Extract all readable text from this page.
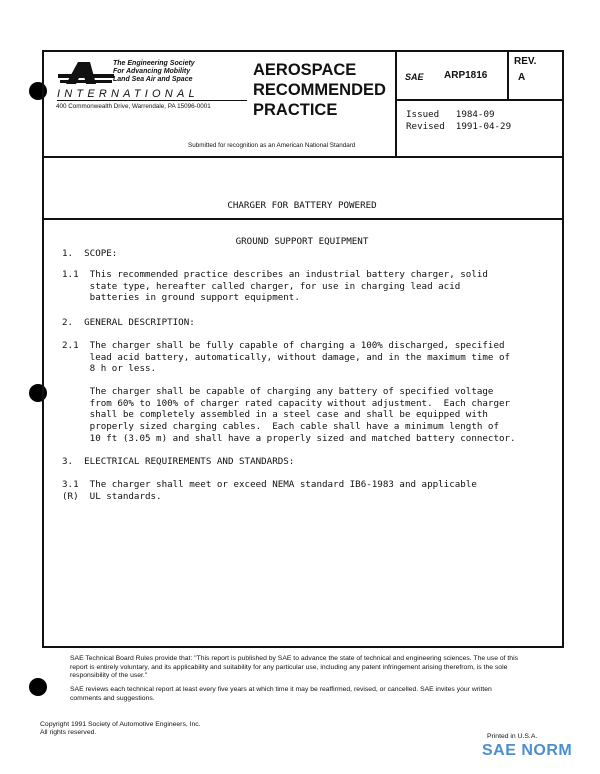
The Engineering Society
For Advancing Mobility
Land Sea Air and Space
INTERNATIONAL
400 Commonwealth Drive, Warrendale, PA 15096-0001
AEROSPACE
RECOMMENDED
PRACTICE
Submitted for recognition as an American National Standard
SAE ARP1816
REV.
A
Issued   1984-09
Revised  1991-04-29

CHARGER FOR BATTERY POWERED

GROUND SUPPORT EQUIPMENT

1.  SCOPE:
1.1  This recommended practice describes an industrial battery charger, solid
state type, hereafter called charger, for use in charging lead acid
batteries in ground support equipment.
2.  GENERAL DESCRIPTION:
2.1  The charger shall be fully capable of charging a 100% discharged, specified
lead acid battery, automatically, without damage, and in the maximum time of
8 h or less.
The charger shall be capable of charging any battery of specified voltage
from 60% to 100% of charger rated capacity without adjustment.  Each charger
shall be completely assembled in a steel case and shall be equipped with
properly sized charging cables.  Each cable shall have a minimum length of
10 ft (3.05 m) and shall have a properly sized and matched battery connector.
3.  ELECTRICAL REQUIREMENTS AND STANDARDS:
3.1  The charger shall meet or exceed NEMA standard IB6-1983 and applicable
(R)  UL standards.
SAE Technical Board Rules provide that: "This report is published by SAE to advance the state of technical and engineering sciences. The use of this report is entirely voluntary, and its applicability and suitability for any particular use, including any patent infringement arising therefrom, is the sole responsibility of the user."
SAE reviews each technical report at least every five years at which time it may be reaffirmed, revised, or cancelled. SAE invites your written comments and suggestions.
Copyright 1991 Society of Automotive Engineers, Inc.
All rights reserved.
Printed in U.S.A.
SAE NORM
